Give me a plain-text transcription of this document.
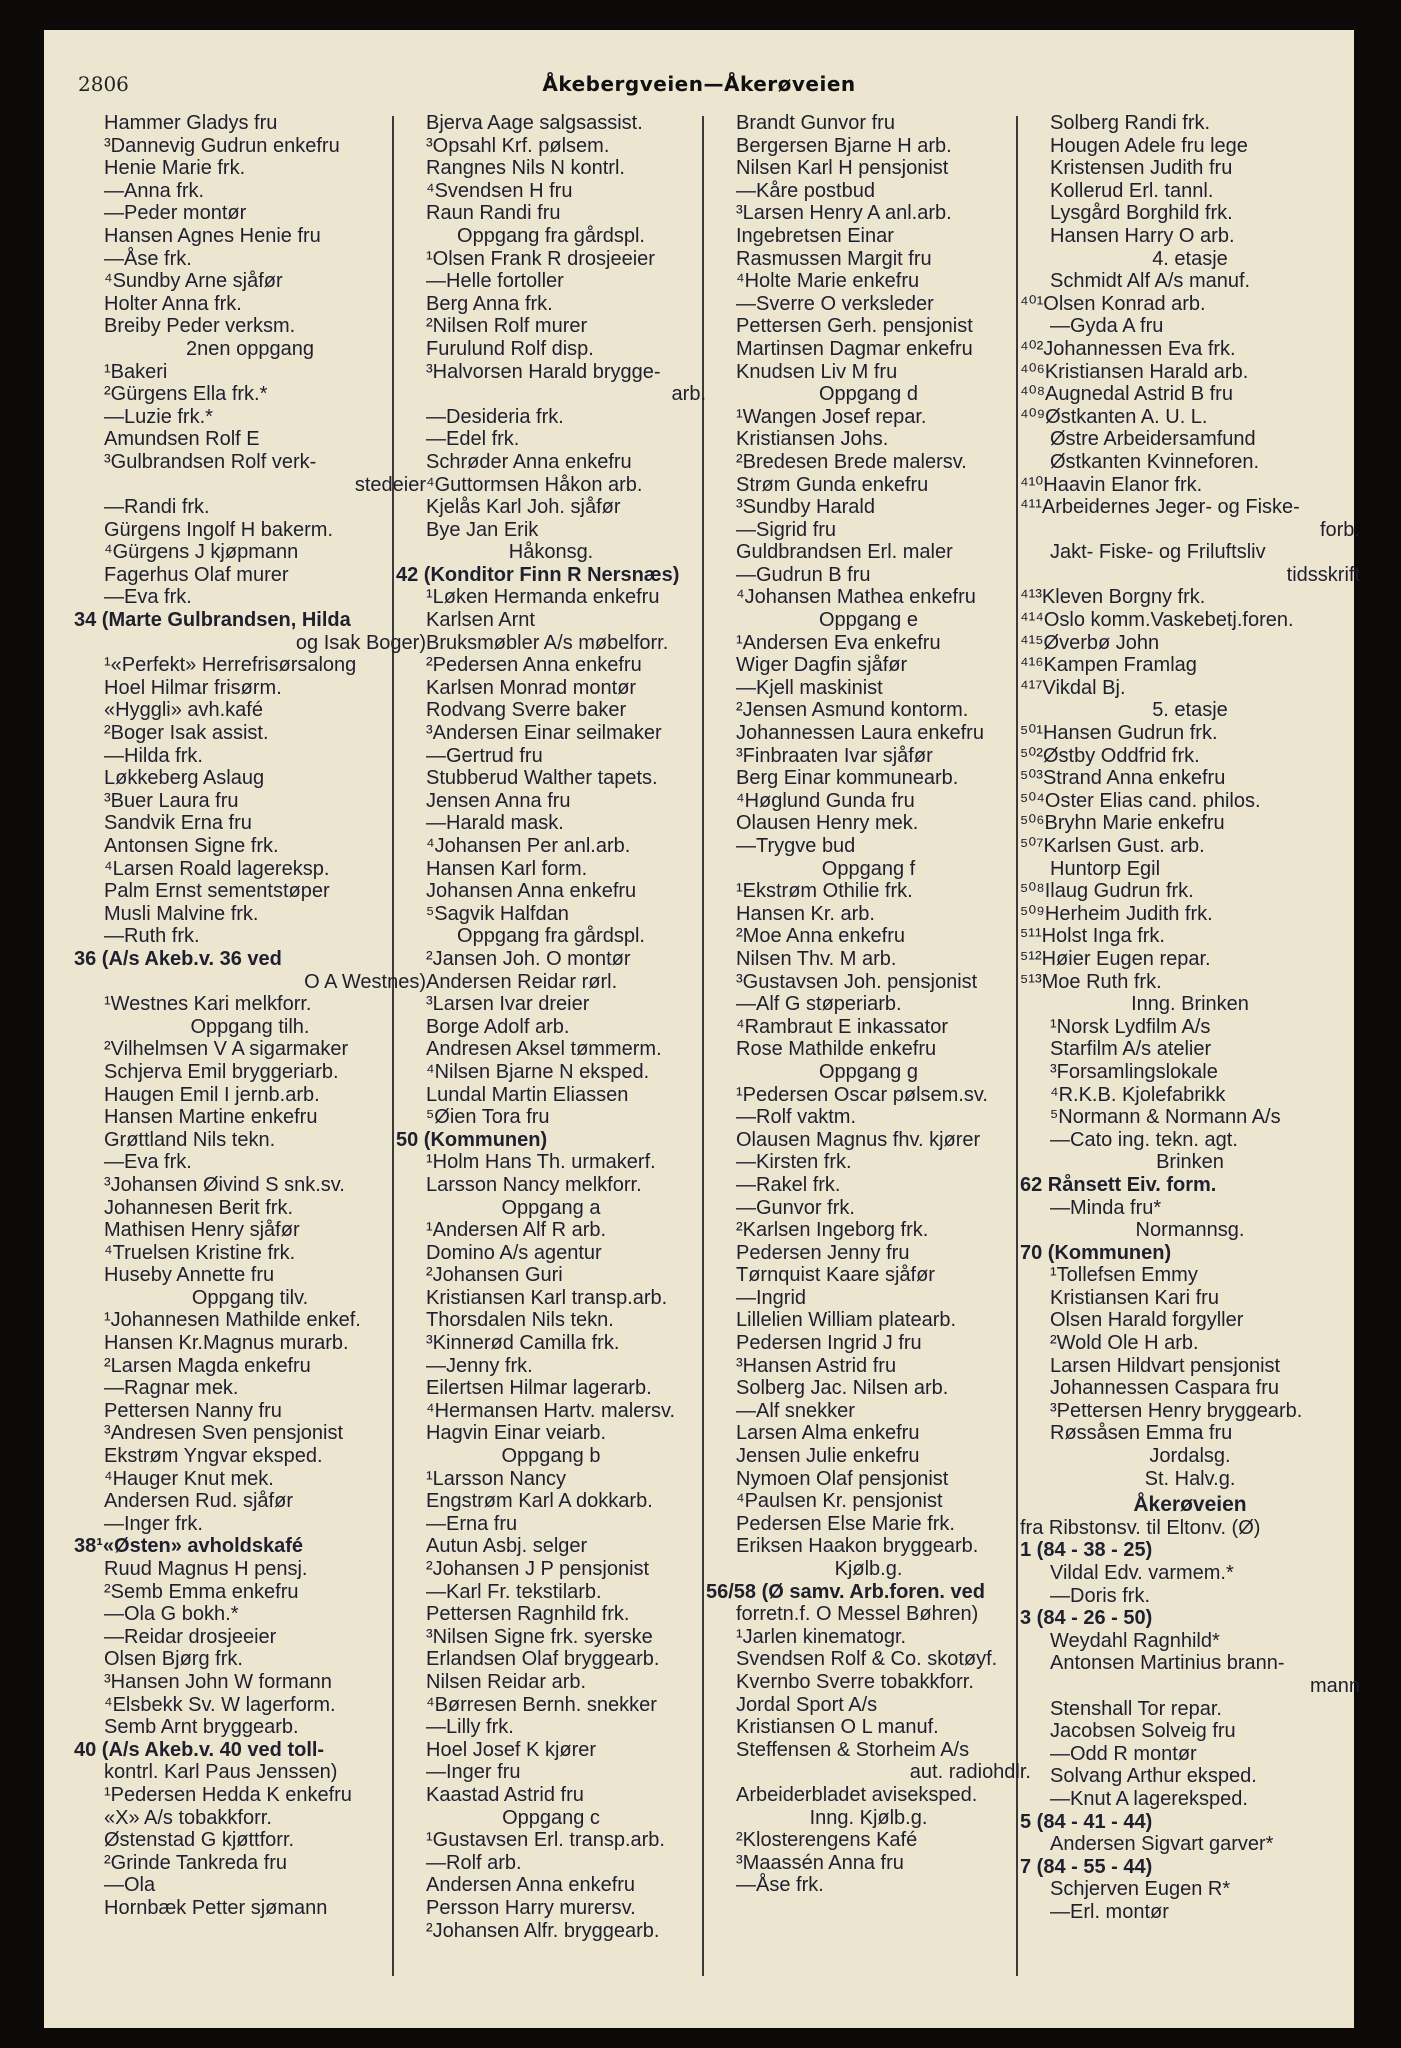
2806	Åkebergveien—Åkerøveien
Hammer Gladys fru
³Dannevig Gudrun enkefru
Henie Marie frk.
—Anna frk.
—Peder montør
Hansen Agnes Henie fru
—Åse frk.
⁴Sundby Arne sjåfør
Holter Anna frk.
Breiby Peder verksm.
2nen oppgang
¹Bakeri
²Gürgens Ella frk.*
—Luzie frk.*
Amundsen Rolf E
³Gulbrandsen Rolf verk-
stedeier
—Randi frk.
Gürgens Ingolf H bakerm.
⁴Gürgens J kjøpmann
Fagerhus Olaf murer
—Eva frk.
34 (Marte Gulbrandsen, Hilda
og Isak Boger)
¹«Perfekt» Herrefrisørsalong
Hoel Hilmar frisørm.
«Hyggli» avh.kafé
²Boger Isak assist.
—Hilda frk.
Løkkeberg Aslaug
³Buer Laura fru
Sandvik Erna fru
Antonsen Signe frk.
⁴Larsen Roald lagereksp.
Palm Ernst sementstøper
Musli Malvine frk.
—Ruth frk.
36 (A/s Akeb.v. 36 ved
O A Westnes)
¹Westnes Kari melkforr.
Oppgang tilh.
²Vilhelmsen V A sigarmaker
Schjerva Emil bryggeriarb.
Haugen Emil I jernb.arb.
Hansen Martine enkefru
Grøttland Nils tekn.
—Eva frk.
³Johansen Øivind S snk.sv.
Johannesen Berit frk.
Mathisen Henry sjåfør
⁴Truelsen Kristine frk.
Huseby Annette fru
Oppgang tilv.
¹Johannesen Mathilde enkef.
Hansen Kr.Magnus murarb.
²Larsen Magda enkefru
—Ragnar mek.
Pettersen Nanny fru
³Andresen Sven pensjonist
Ekstrøm Yngvar eksped.
⁴Hauger Knut mek.
Andersen Rud. sjåfør
—Inger frk.
38¹«Østen» avholdskafé
Ruud Magnus H pensj.
²Semb Emma enkefru
—Ola G bokh.*
—Reidar drosjeeier
Olsen Bjørg frk.
³Hansen John W formann
⁴Elsbekk Sv. W lagerform.
Semb Arnt bryggearb.
40 (A/s Akeb.v. 40 ved toll-
kontrl. Karl Paus Jenssen)
¹Pedersen Hedda K enkefru
«X» A/s tobakkforr.
Østenstad G kjøttforr.
²Grinde Tankreda fru
—Ola
Hornbæk Petter sjømann
Bjerva Aage salgsassist.
³Opsahl Krf. pølsem.
Rangnes Nils N kontrl.
⁴Svendsen H fru
Raun Randi fru
Oppgang fra gårdspl.
¹Olsen Frank R drosjeeier
—Helle fortoller
Berg Anna frk.
²Nilsen Rolf murer
Furulund Rolf disp.
³Halvorsen Harald brygge-
arb.
—Desideria frk.
—Edel frk.
Schrøder Anna enkefru
⁴Guttormsen Håkon arb.
Kjelås Karl Joh. sjåfør
Bye Jan Erik
Håkonsg.
42 (Konditor Finn R Nersnæs)
¹Løken Hermanda enkefru
Karlsen Arnt
Bruksmøbler A/s møbelforr.
²Pedersen Anna enkefru
Karlsen Monrad montør
Rodvang Sverre baker
³Andersen Einar seilmaker
—Gertrud fru
Stubberud Walther tapets.
Jensen Anna fru
—Harald mask.
⁴Johansen Per anl.arb.
Hansen Karl form.
Johansen Anna enkefru
⁵Sagvik Halfdan
Oppgang fra gårdspl.
²Jansen Joh. O montør
Andersen Reidar rørl.
³Larsen Ivar dreier
Borge Adolf arb.
Andresen Aksel tømmerm.
⁴Nilsen Bjarne N eksped.
Lundal Martin Eliassen
⁵Øien Tora fru
50 (Kommunen)
¹Holm Hans Th. urmakerf.
Larsson Nancy melkforr.
Oppgang a
¹Andersen Alf R arb.
Domino A/s agentur
²Johansen Guri
Kristiansen Karl transp.arb.
Thorsdalen Nils tekn.
³Kinnerød Camilla frk.
—Jenny frk.
Eilertsen Hilmar lagerarb.
⁴Hermansen Hartv. malersv.
Hagvin Einar veiarb.
Oppgang b
¹Larsson Nancy
Engstrøm Karl A dokkarb.
—Erna fru
Autun Asbj. selger
²Johansen J P pensjonist
—Karl Fr. tekstilarb.
Pettersen Ragnhild frk.
³Nilsen Signe frk. syerske
Erlandsen Olaf bryggearb.
Nilsen Reidar arb.
⁴Børresen Bernh. snekker
—Lilly frk.
Hoel Josef K kjører
—Inger fru
Kaastad Astrid fru
Oppgang c
¹Gustavsen Erl. transp.arb.
—Rolf arb.
Andersen Anna enkefru
Persson Harry murersv.
²Johansen Alfr. bryggearb.
Brandt Gunvor fru
Bergersen Bjarne H arb.
Nilsen Karl H pensjonist
—Kåre postbud
³Larsen Henry A anl.arb.
Ingebretsen Einar
Rasmussen Margit fru
⁴Holte Marie enkefru
—Sverre O verksleder
Pettersen Gerh. pensjonist
Martinsen Dagmar enkefru
Knudsen Liv M fru
Oppgang d
¹Wangen Josef repar.
Kristiansen Johs.
²Bredesen Brede malersv.
Strøm Gunda enkefru
³Sundby Harald
—Sigrid fru
Guldbrandsen Erl. maler
—Gudrun B fru
⁴Johansen Mathea enkefru
Oppgang e
¹Andersen Eva enkefru
Wiger Dagfin sjåfør
—Kjell maskinist
²Jensen Asmund kontorm.
Johannessen Laura enkefru
³Finbraaten Ivar sjåfør
Berg Einar kommunearb.
⁴Høglund Gunda fru
Olausen Henry mek.
—Trygve bud
Oppgang f
¹Ekstrøm Othilie frk.
Hansen Kr. arb.
²Moe Anna enkefru
Nilsen Thv. M arb.
³Gustavsen Joh. pensjonist
—Alf G støperiarb.
⁴Rambraut E inkassator
Rose Mathilde enkefru
Oppgang g
¹Pedersen Oscar pølsem.sv.
—Rolf vaktm.
Olausen Magnus fhv. kjører
—Kirsten frk.
—Rakel frk.
—Gunvor frk.
²Karlsen Ingeborg frk.
Pedersen Jenny fru
Tørnquist Kaare sjåfør
—Ingrid
Lillelien William platearb.
Pedersen Ingrid J fru
³Hansen Astrid fru
Solberg Jac. Nilsen arb.
—Alf snekker
Larsen Alma enkefru
Jensen Julie enkefru
Nymoen Olaf pensjonist
⁴Paulsen Kr. pensjonist
Pedersen Else Marie frk.
Eriksen Haakon bryggearb.
Kjølb.g.
56/58 (Ø samv. Arb.foren. ved
forretn.f. O Messel Bøhren)
¹Jarlen kinematogr.
Svendsen Rolf & Co. skotøyf.
Kvernbo Sverre tobakkforr.
Jordal Sport A/s
Kristiansen O L manuf.
Steffensen & Storheim A/s
aut. radiohdlr.
Arbeiderbladet aviseksped.
Inng. Kjølb.g.
²Klosterengens Kafé
³Maassén Anna fru
—Åse frk.
Solberg Randi frk.
Hougen Adele fru lege
Kristensen Judith fru
Kollerud Erl. tannl.
Lysgård Borghild frk.
Hansen Harry O arb.
4. etasje
Schmidt Alf A/s manuf.
⁴⁰¹Olsen Konrad arb.
—Gyda A fru
⁴⁰²Johannessen Eva frk.
⁴⁰⁶Kristiansen Harald arb.
⁴⁰⁸Augnedal Astrid B fru
⁴⁰⁹Østkanten A. U. L.
Østre Arbeidersamfund
Østkanten Kvinneforen.
⁴¹⁰Haavin Elanor frk.
⁴¹¹Arbeidernes Jeger- og Fiske-
forb.
Jakt- Fiske- og Friluftsliv
tidsskrift
⁴¹³Kleven Borgny frk.
⁴¹⁴Oslo komm.Vaskebetj.foren.
⁴¹⁵Øverbø John
⁴¹⁶Kampen Framlag
⁴¹⁷Vikdal Bj.
5. etasje
⁵⁰¹Hansen Gudrun frk.
⁵⁰²Østby Oddfrid frk.
⁵⁰³Strand Anna enkefru
⁵⁰⁴Oster Elias cand. philos.
⁵⁰⁶Bryhn Marie enkefru
⁵⁰⁷Karlsen Gust. arb.
Huntorp Egil
⁵⁰⁸Ilaug Gudrun frk.
⁵⁰⁹Herheim Judith frk.
⁵¹¹Holst Inga frk.
⁵¹²Høier Eugen repar.
⁵¹³Moe Ruth frk.
Inng. Brinken
¹Norsk Lydfilm A/s
Starfilm A/s atelier
³Forsamlingslokale
⁴R.K.B. Kjolefabrikk
⁵Normann & Normann A/s
—Cato ing. tekn. agt.
Brinken
62 Rånsett Eiv. form.
—Minda fru*
Normannsg.
70 (Kommunen)
¹Tollefsen Emmy
Kristiansen Kari fru
Olsen Harald forgyller
²Wold Ole H arb.
Larsen Hildvart pensjonist
Johannessen Caspara fru
³Pettersen Henry bryggearb.
Røssåsen Emma fru
Jordalsg.
St. Halv.g.
Åkerøveien
fra Ribstonsv. til Eltonv. (Ø)
1 (84 - 38 - 25)
Vildal Edv. varmem.*
—Doris frk.
3 (84 - 26 - 50)
Weydahl Ragnhild*
Antonsen Martinius brann-
mann
Stenshall Tor repar.
Jacobsen Solveig fru
—Odd R montør
Solvang Arthur eksped.
—Knut A lagereksped.
5 (84 - 41 - 44)
Andersen Sigvart garver*
7 (84 - 55 - 44)
Schjerven Eugen R*
—Erl. montør
